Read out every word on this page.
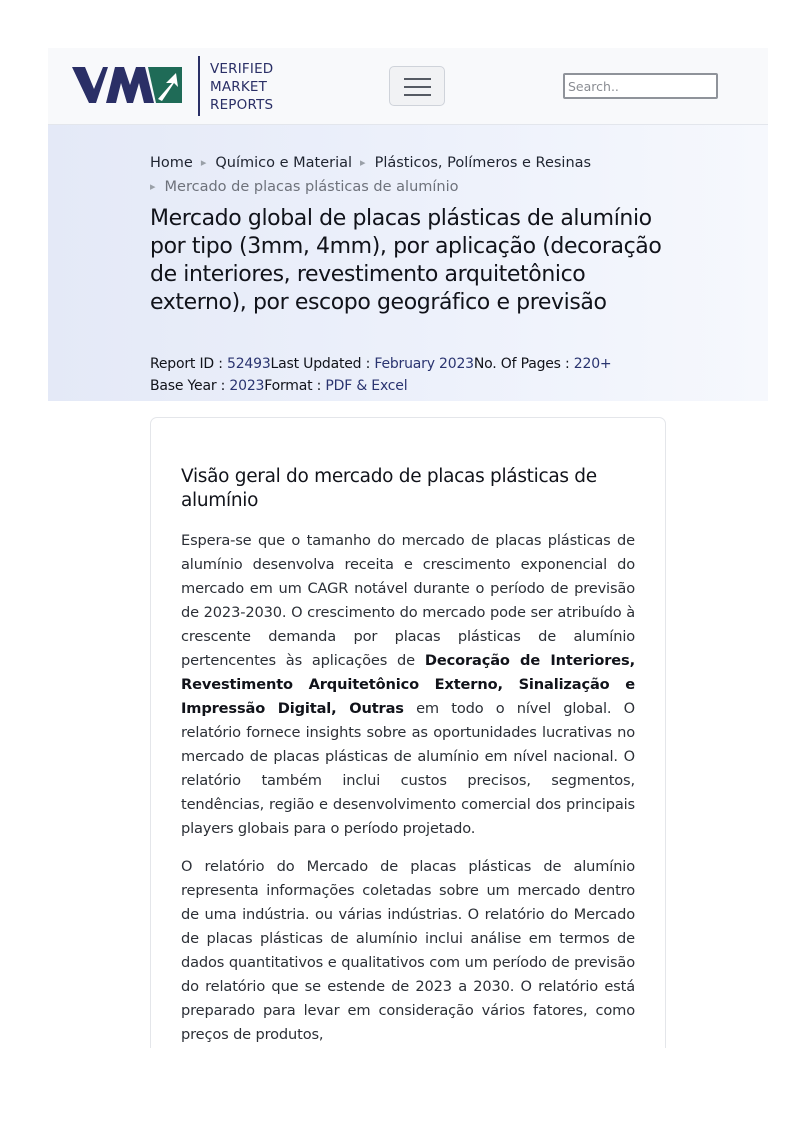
VERIFIED
MARKET
REPORTS
Search..
Home ▸ Químico e Material ▸ Plásticos, Polímeros e Resinas
▸ Mercado de placas plásticas de alumínio
Mercado global de placas plásticas de alumínio por tipo (3mm, 4mm), por aplicação (decoração de interiores, revestimento arquitetônico externo), por escopo geográfico e previsão
Report ID : 52493Last Updated : February 2023No. Of Pages : 220+
Base Year : 2023Format : PDF & Excel
Visão geral do mercado de placas plásticas de alumínio

Espera-se que o tamanho do mercado de placas plásticas de alumínio desenvolva receita e crescimento exponencial do mercado em um CAGR notável durante o período de previsão de 2023-2030. O crescimento do mercado pode ser atribuído à crescente demanda por placas plásticas de alumínio pertencentes às aplicações de Decoração de Interiores, Revestimento Arquitetônico Externo, Sinalização e Impressão Digital, Outras em todo o nível global. O relatório fornece insights sobre as oportunidades lucrativas no mercado de placas plásticas de alumínio em nível nacional. O relatório também inclui custos precisos, segmentos, tendências, região e desenvolvimento comercial dos principais players globais para o período projetado.

O relatório do Mercado de placas plásticas de alumínio representa informações coletadas sobre um mercado dentro de uma indústria. ou várias indústrias. O relatório do Mercado de placas plásticas de alumínio inclui análise em termos de dados quantitativos e qualitativos com um período de previsão do relatório que se estende de 2023 a 2030. O relatório está preparado para levar em consideração vários fatores, como preços de produtos,
